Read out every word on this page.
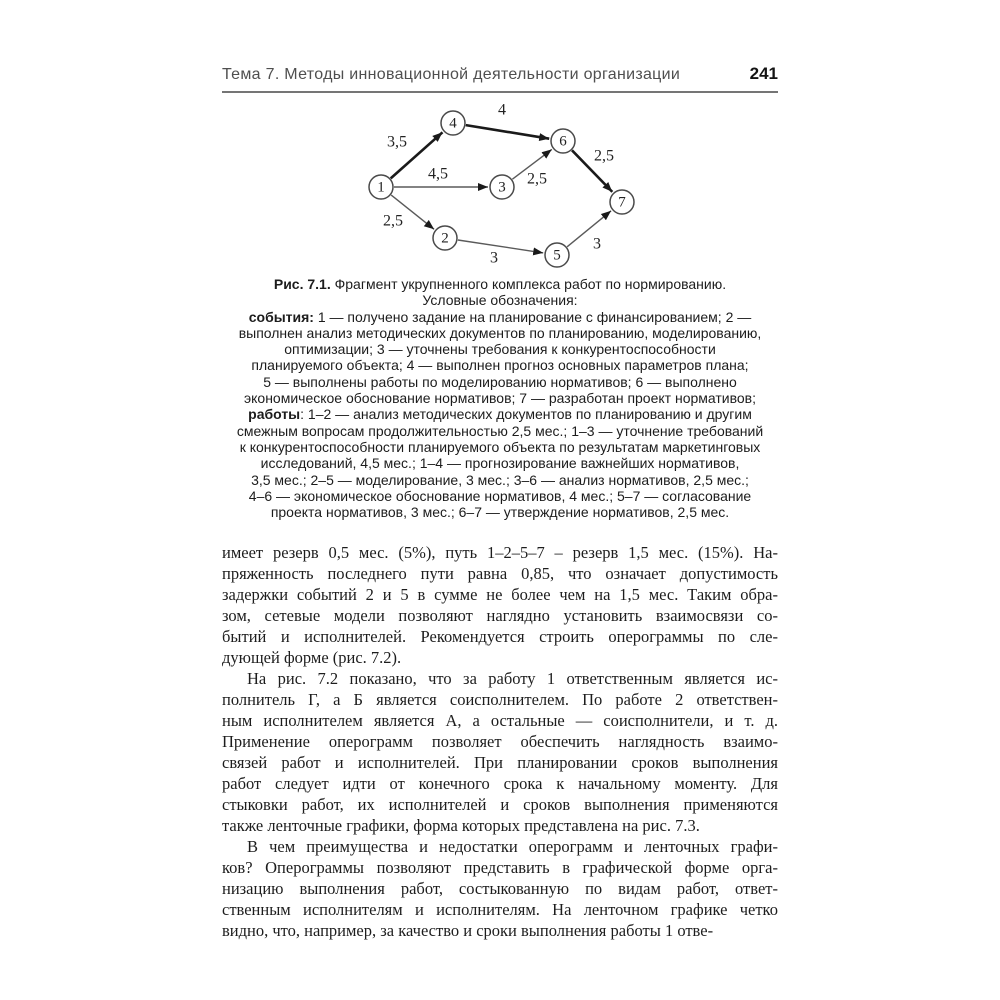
Тема 7. Методы инновационной деятельности организации	241
3,5
4
4,5	2,5
2,5
2,5
3
3
1
2
3
4
5
6
7
Рис. 7.1. Фрагмент укрупненного комплекса работ по нормированию.
Условные обозначения:
события: 1 — получено задание на планирование с финансированием; 2 —
выполнен анализ методических документов по планированию, моделированию,
оптимизации; 3 — уточнены требования к конкурентоспособности
планируемого объекта; 4 — выполнен прогноз основных параметров плана;
5 — выполнены работы по моделированию нормативов; 6 — выполнено
экономическое обоснование нормативов; 7 — разработан проект нормативов;
работы: 1–2 — анализ методических документов по планированию и другим
смежным вопросам продолжительностью 2,5 мес.; 1–3 — уточнение требований
к конкурентоспособности планируемого объекта по результатам маркетинговых
исследований, 4,5 мес.; 1–4 — прогнозирование важнейших нормативов,
3,5 мес.; 2–5 — моделирование, 3 мес.; 3–6 — анализ нормативов, 2,5 мес.;
4–6 — экономическое обоснование нормативов, 4 мес.; 5–7 — согласование
проекта нормативов, 3 мес.; 6–7 — утверждение нормативов, 2,5 мес.
имеет резерв 0,5 мес. (5%), путь 1–2–5–7 – резерв 1,5 мес. (15%). На-
пряженность последнего пути равна 0,85, что означает допустимость
задержки событий 2 и 5 в сумме не более чем на 1,5 мес. Таким обра-
зом, сетевые модели позволяют наглядно установить взаимосвязи со-
бытий и исполнителей. Рекомендуется строить оперограммы по сле-
дующей форме (рис. 7.2).
На рис. 7.2 показано, что за работу 1 ответственным является ис-
полнитель Г, а Б является соисполнителем. По работе 2 ответствен-
ным исполнителем является А, а остальные — соисполнители, и т. д.
Применение оперограмм позволяет обеспечить наглядность взаимо-
связей работ и исполнителей. При планировании сроков выполнения
работ следует идти от конечного срока к начальному моменту. Для
стыковки работ, их исполнителей и сроков выполнения применяются
также ленточные графики, форма которых представлена на рис. 7.3.
В чем преимущества и недостатки оперограмм и ленточных графи-
ков? Оперограммы позволяют представить в графической форме орга-
низацию выполнения работ, состыкованную по видам работ, ответ-
ственным исполнителям и исполнителям. На ленточном графике четко
видно, что, например, за качество и сроки выполнения работы 1 отве-
